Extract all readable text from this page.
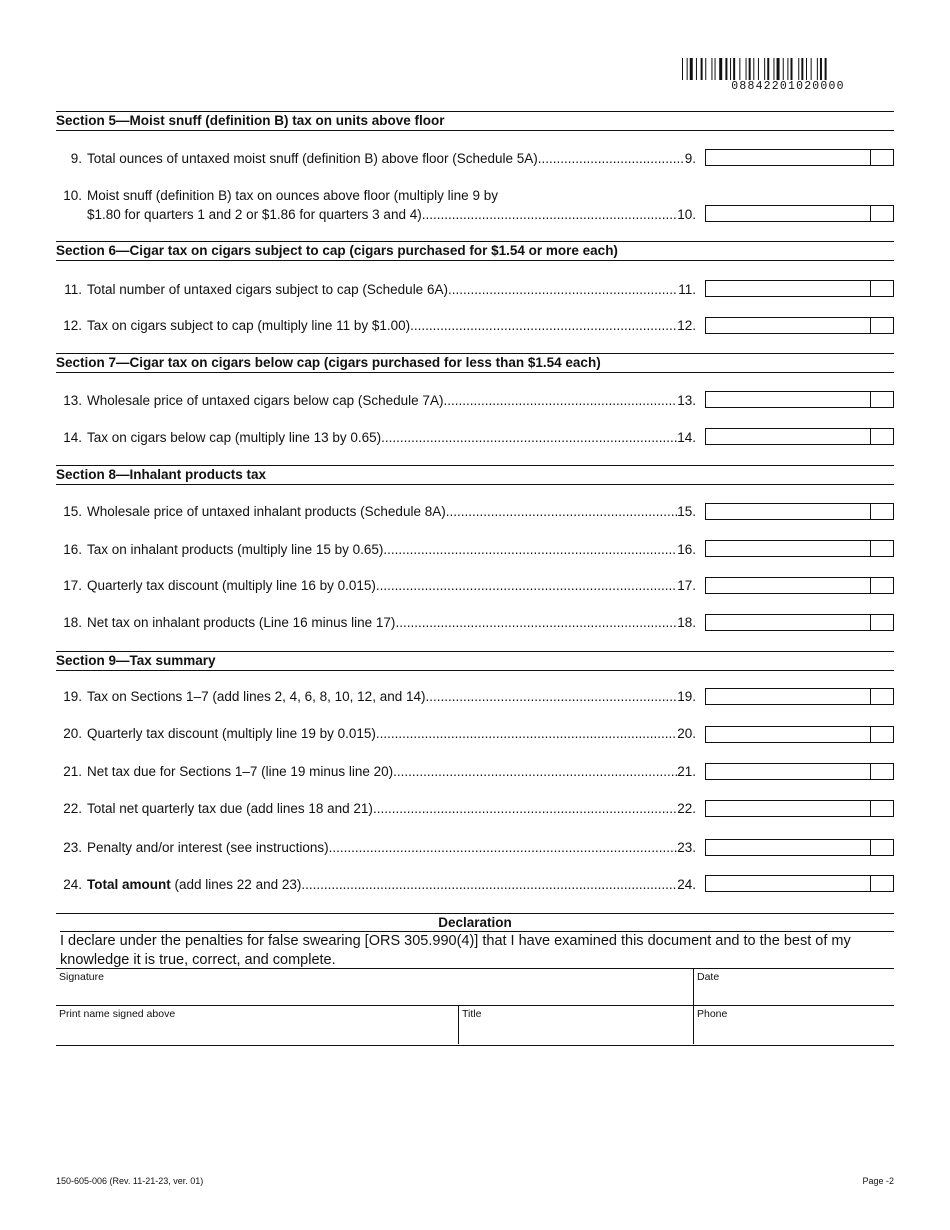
08842201020000
Section 5—Moist snuff (definition B) tax on units above floor
9. Total ounces of untaxed moist snuff (definition B) above floor (Schedule 5A) .....	9.
10. Moist snuff (definition B) tax on ounces above floor (multiply line 9 by
$1.80 for quarters 1 and 2 or $1.86 for quarters 3 and 4) .....	10.
Section 6—Cigar tax on cigars subject to cap (cigars purchased for $1.54 or more each)
11. Total number of untaxed cigars subject to cap (Schedule 6A) .....	11.
12. Tax on cigars subject to cap (multiply line 11 by $1.00) .....	12.
Section 7—Cigar tax on cigars below cap (cigars purchased for less than $1.54 each)
13. Wholesale price of untaxed cigars below cap (Schedule 7A) .....	13.
14. Tax on cigars below cap (multiply line 13 by 0.65) .....	14.
Section 8—Inhalant products tax
15. Wholesale price of untaxed inhalant products (Schedule 8A) .....	15.
16. Tax on inhalant products (multiply line 15 by 0.65) .....	16.
17. Quarterly tax discount (multiply line 16 by 0.015) .....	17.
18. Net tax on inhalant products (Line 16 minus line 17) .....	18.
Section 9—Tax summary
19. Tax on Sections 1–7 (add lines 2, 4, 6, 8, 10, 12, and 14) .....	19.
20. Quarterly tax discount (multiply line 19 by 0.015) .....	20.
21. Net tax due for Sections 1–7 (line 19 minus line 20) .....	21.
22. Total net quarterly tax due (add lines 18 and 21) .....	22.
23. Penalty and/or interest (see instructions) .....	23.
24. Total amount (add lines 22 and 23) .....	24.
Declaration
I declare under the penalties for false swearing [ORS 305.990(4)] that I have examined this document and to the best of my knowledge it is true, correct, and complete.
Signature	Date
Print name signed above	Title	Phone
150-605-006 (Rev. 11-21-23, ver. 01)	Page -2
